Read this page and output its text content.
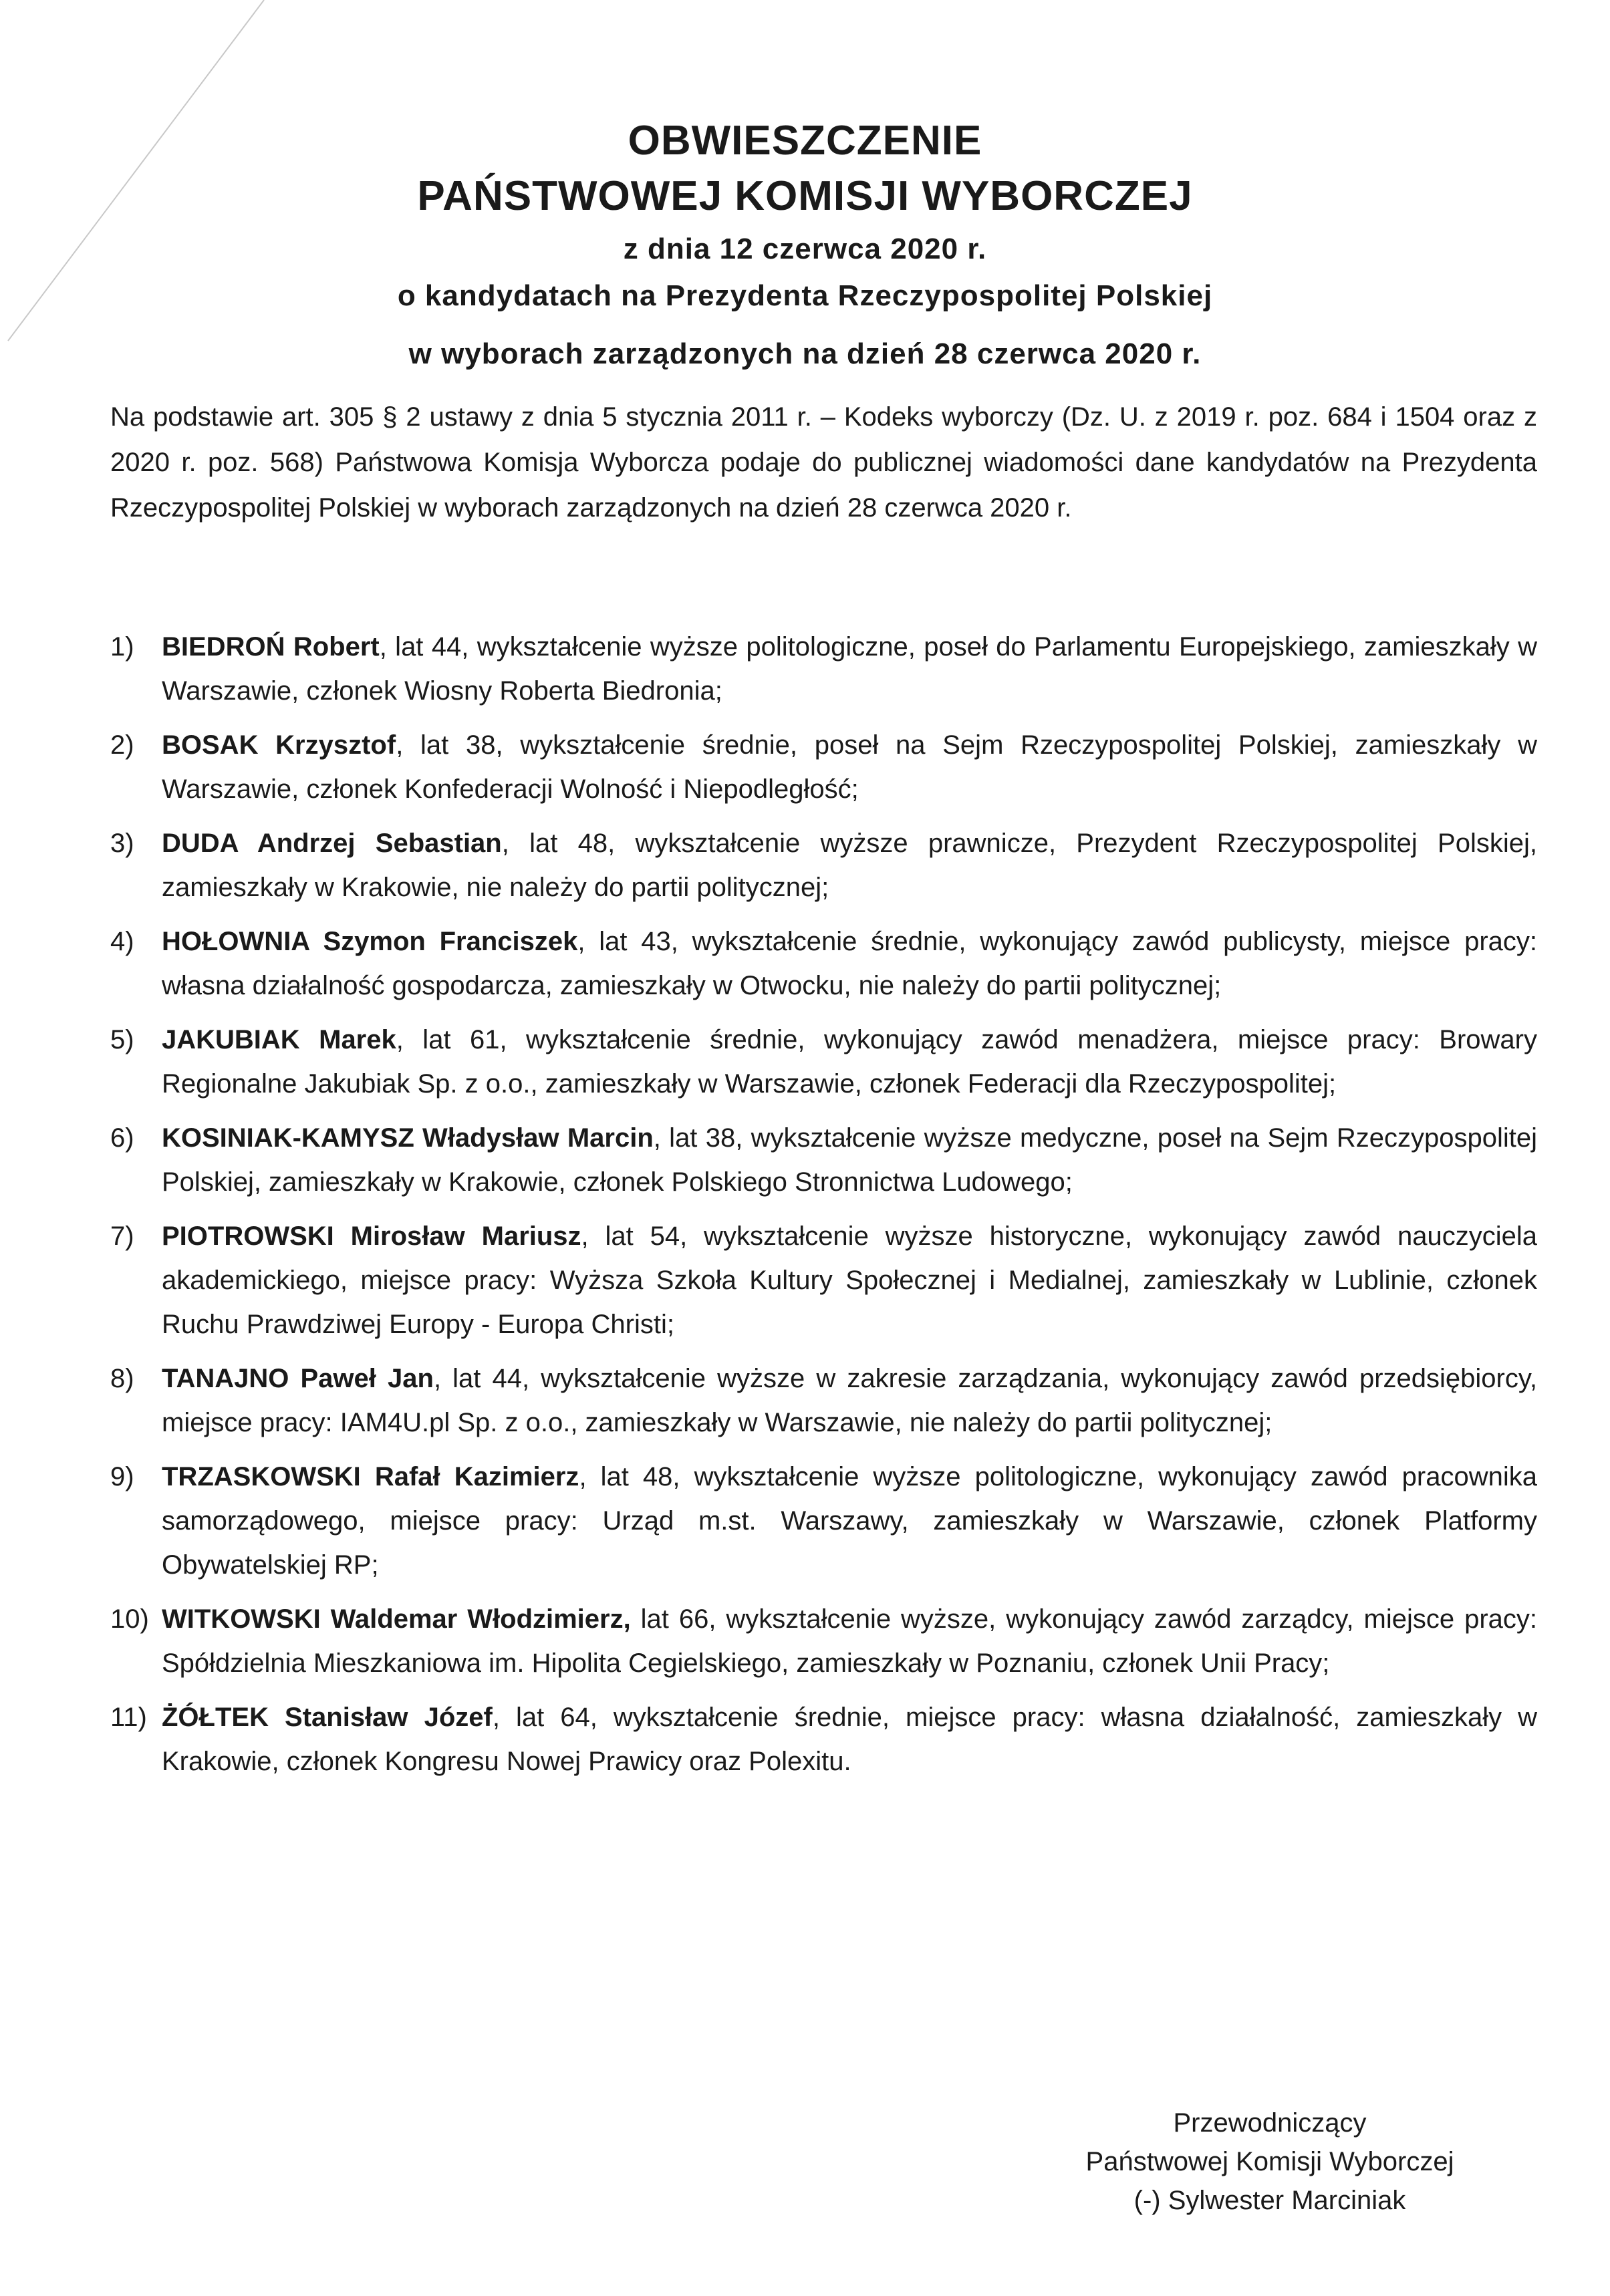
OBWIESZCZENIE
PAŃSTWOWEJ KOMISJI WYBORCZEJ
z dnia 12 czerwca 2020 r.
o kandydatach na Prezydenta Rzeczypospolitej Polskiej
w wyborach zarządzonych na dzień 28 czerwca 2020 r.
Na podstawie art. 305 § 2 ustawy z dnia 5 stycznia 2011 r. – Kodeks wyborczy (Dz. U. z 2019 r. poz. 684 i 1504 oraz z 2020 r. poz. 568) Państwowa Komisja Wyborcza podaje do publicznej wiadomości dane kandydatów na Prezydenta Rzeczypospolitej Polskiej w wyborach zarządzonych na dzień 28 czerwca 2020 r.
1) BIEDROŃ Robert, lat 44, wykształcenie wyższe politologiczne, poseł do Parlamentu Europejskiego, zamieszkały w Warszawie, członek Wiosny Roberta Biedronia;
2) BOSAK Krzysztof, lat 38, wykształcenie średnie, poseł na Sejm Rzeczypospolitej Polskiej, zamieszkały w Warszawie, członek Konfederacji Wolność i Niepodległość;
3) DUDA Andrzej Sebastian, lat 48, wykształcenie wyższe prawnicze, Prezydent Rzeczypospolitej Polskiej, zamieszkały w Krakowie, nie należy do partii politycznej;
4) HOŁOWNIA Szymon Franciszek, lat 43, wykształcenie średnie, wykonujący zawód publicysty, miejsce pracy: własna działalność gospodarcza, zamieszkały w Otwocku, nie należy do partii politycznej;
5) JAKUBIAK Marek, lat 61, wykształcenie średnie, wykonujący zawód menadżera, miejsce pracy: Browary Regionalne Jakubiak Sp. z o.o., zamieszkały w Warszawie, członek Federacji dla Rzeczypospolitej;
6) KOSINIAK-KAMYSZ Władysław Marcin, lat 38, wykształcenie wyższe medyczne, poseł na Sejm Rzeczypospolitej Polskiej, zamieszkały w Krakowie, członek Polskiego Stronnictwa Ludowego;
7) PIOTROWSKI Mirosław Mariusz, lat 54, wykształcenie wyższe historyczne, wykonujący zawód nauczyciela akademickiego, miejsce pracy: Wyższa Szkoła Kultury Społecznej i Medialnej, zamieszkały w Lublinie, członek Ruchu Prawdziwej Europy - Europa Christi;
8) TANAJNO Paweł Jan, lat 44, wykształcenie wyższe w zakresie zarządzania, wykonujący zawód przedsiębiorcy, miejsce pracy: IAM4U.pl Sp. z o.o., zamieszkały w Warszawie, nie należy do partii politycznej;
9) TRZASKOWSKI Rafał Kazimierz, lat 48, wykształcenie wyższe politologiczne, wykonujący zawód pracownika samorządowego, miejsce pracy: Urząd m.st. Warszawy, zamieszkały w Warszawie, członek Platformy Obywatelskiej RP;
10) WITKOWSKI Waldemar Włodzimierz, lat 66, wykształcenie wyższe, wykonujący zawód zarządcy, miejsce pracy: Spółdzielnia Mieszkaniowa im. Hipolita Cegielskiego, zamieszkały w Poznaniu, członek Unii Pracy;
11) ŻÓŁTEK Stanisław Józef, lat 64, wykształcenie średnie, miejsce pracy: własna działalność, zamieszkały w Krakowie, członek Kongresu Nowej Prawicy oraz Polexitu.
Przewodniczący
Państwowej Komisji Wyborczej
(-) Sylwester Marciniak
